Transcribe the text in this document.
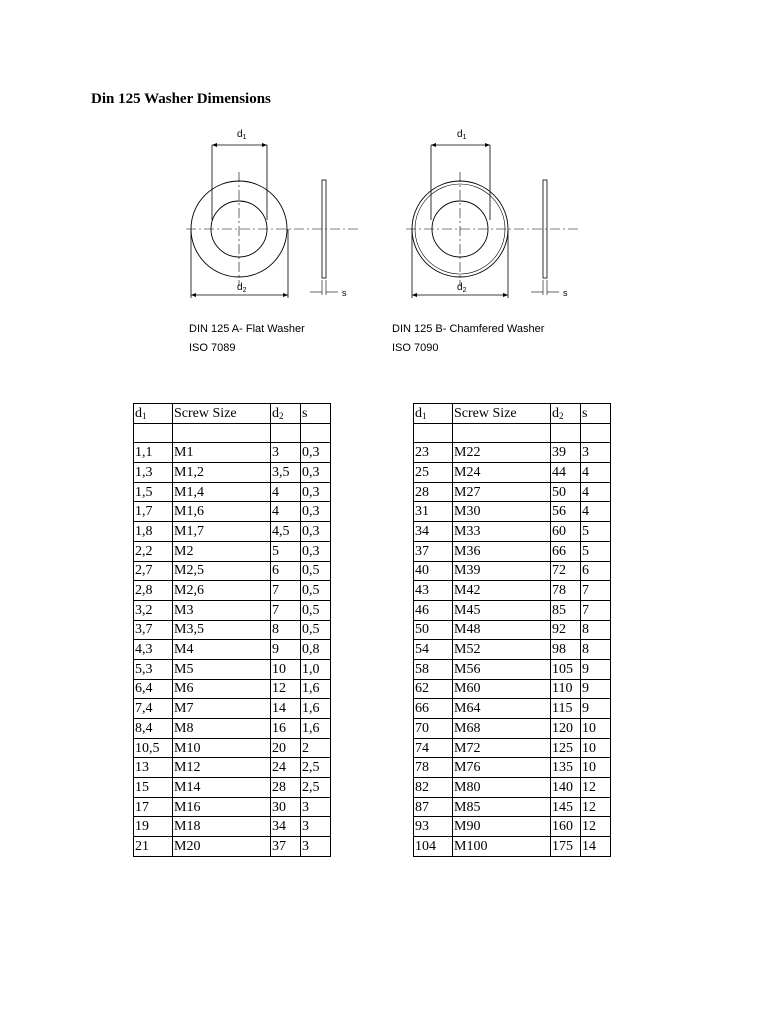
Din 125 Washer Dimensions
$d_1$
$d_2$	s
DIN 125 A- Flat Washer
ISO 7089
$d_1$
$d_2$	s
DIN 125 B- Chamfered Washer
ISO 7090
$d_1$	Screw Size	$d_2$	s

1,1	M1	3	0,3
1,3	M1,2	3,5	0,3
1,5	M1,4	4	0,3
1,7	M1,6	4	0,3
1,8	M1,7	4,5	0,3
2,2	M2	5	0,3
2,7	M2,5	6	0,5
2,8	M2,6	7	0,5
3,2	M3	7	0,5
3,7	M3,5	8	0,5
4,3	M4	9	0,8
5,3	M5	10	1,0
6,4	M6	12	1,6
7,4	M7	14	1,6
8,4	M8	16	1,6
10,5	M10	20	2
13	M12	24	2,5
15	M14	28	2,5
17	M16	30	3
19	M18	34	3
21	M20	37	3
$d_1$	Screw Size	$d_2$	s

23	M22	39	3
25	M24	44	4
28	M27	50	4
31	M30	56	4
34	M33	60	5
37	M36	66	5
40	M39	72	6
43	M42	78	7
46	M45	85	7
50	M48	92	8
54	M52	98	8
58	M56	105	9
62	M60	110	9
66	M64	115	9
70	M68	120	10
74	M72	125	10
78	M76	135	10
82	M80	140	12
87	M85	145	12
93	M90	160	12
104	M100	175	14
